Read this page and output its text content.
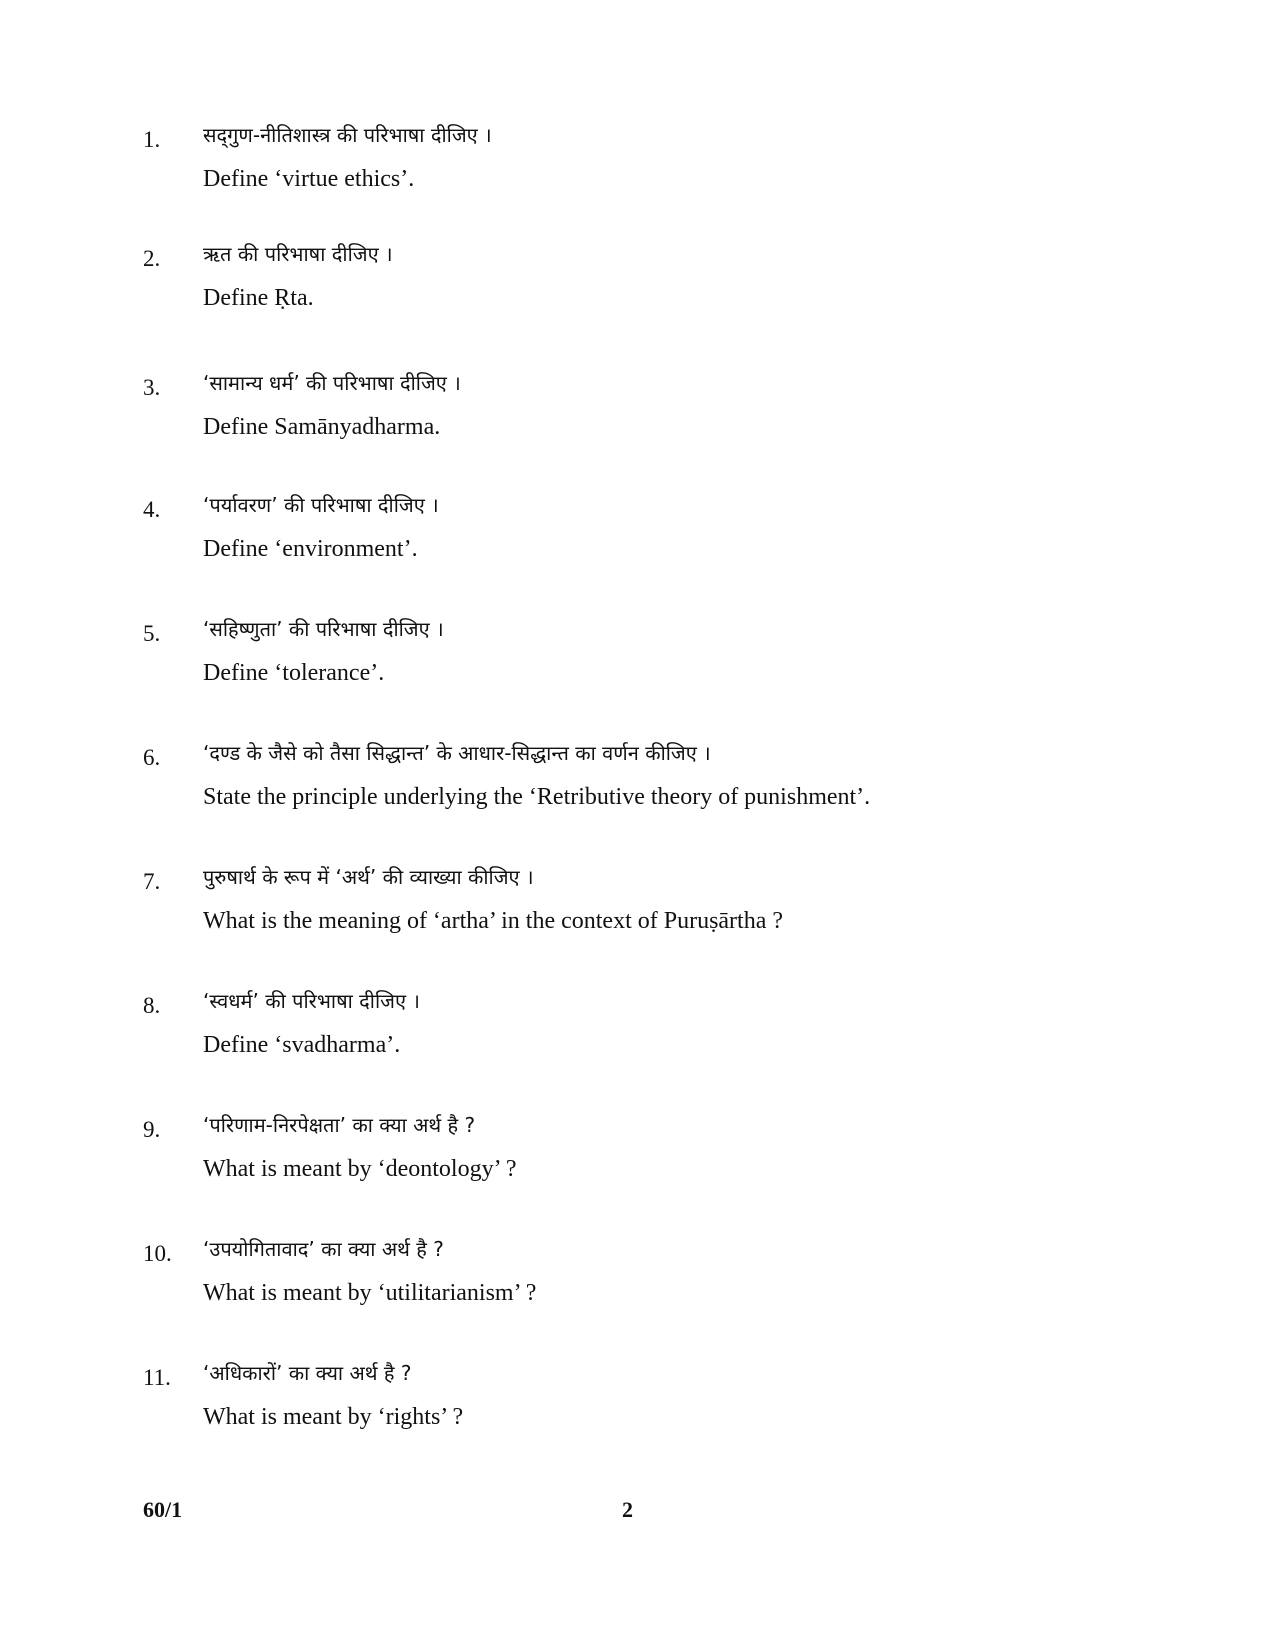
1. सद्‌गुण-नीतिशास्त्र की परिभाषा दीजिए ।
Define ‘virtue ethics’.
2. ऋत की परिभाषा दीजिए ।
Define Ṛta.
3. ‘सामान्य धर्म’ की परिभाषा दीजिए ।
Define Samānyadharma.
4. ‘पर्यावरण’ की परिभाषा दीजिए ।
Define ‘environment’.
5. ‘सहिष्णुता’ की परिभाषा दीजिए ।
Define ‘tolerance’.
6. ‘दण्ड के जैसे को तैसा सिद्धान्त’ के आधार-सिद्धान्त का वर्णन कीजिए ।
State the principle underlying the ‘Retributive theory of punishment’.
7. पुरुषार्थ के रूप में ‘अर्थ’ की व्याख्या कीजिए ।
What is the meaning of ‘artha’ in the context of Puruṣārtha ?
8. ‘स्वधर्म’ की परिभाषा दीजिए ।
Define ‘svadharma’.
9. ‘परिणाम-निरपेक्षता’ का क्या अर्थ है ?
What is meant by ‘deontology’ ?
10. ‘उपयोगितावाद’ का क्या अर्थ है ?
What is meant by ‘utilitarianism’ ?
11. ‘अधिकारों’ का क्या अर्थ है ?
What is meant by ‘rights’ ?
60/1	2
